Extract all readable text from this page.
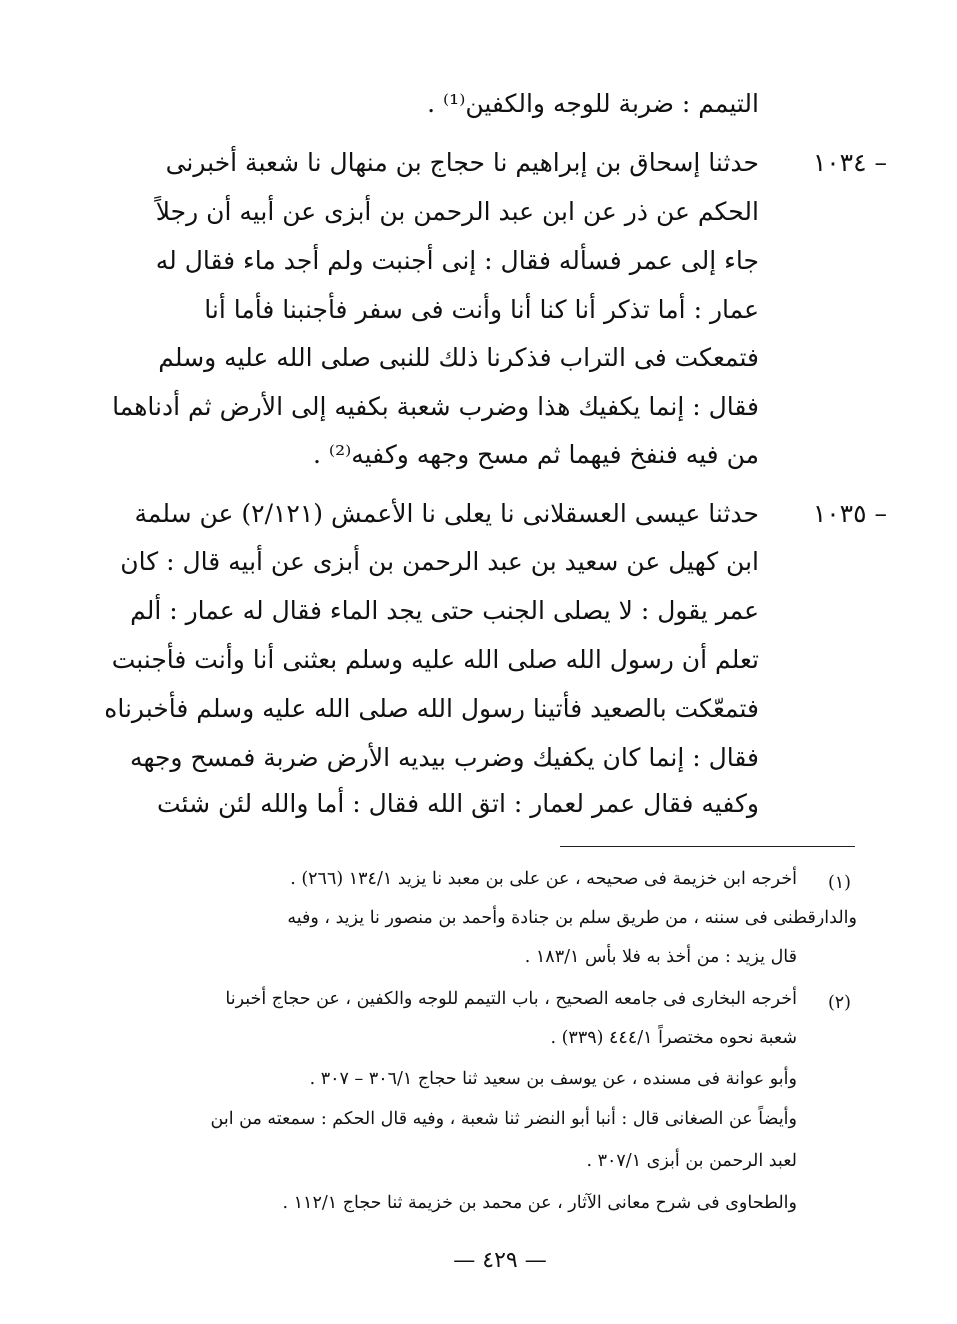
التيمم : ضربة للوجه والكفين⁽¹⁾ .
١٠٣٤ –
حدثنا إسحاق بن إبراهيم نا حجاج بن منهال نا شعبة أخبرنى
الحكم عن ذر عن ابن عبد الرحمن بن أبزى عن أبيه أن رجلاً
جاء إلى عمر فسأله فقال : إنى أجنبت ولم أجد ماء فقال له
عمار : أما تذكر أنا كنا أنا وأنت فى سفر فأجنبنا فأما أنا
فتمعكت فى التراب فذكرنا ذلك للنبى صلى الله عليه وسلم
فقال : إنما يكفيك هذا وضرب شعبة بكفيه إلى الأرض ثم أدناهما
من فيه فنفخ فيهما ثم مسح وجهه وكفيه⁽²⁾ .
١٠٣٥ –
حدثنا عيسى العسقلانى نا يعلى نا الأعمش (٢/١٢١) عن سلمة
ابن كهيل عن سعيد بن عبد الرحمن بن أبزى عن أبيه قال : كان
عمر يقول : لا يصلى الجنب حتى يجد الماء فقال له عمار : ألم
تعلم أن رسول الله صلى الله عليه وسلم بعثنى أنا وأنت فأجنبت
فتمعّكت بالصعيد فأتينا رسول الله صلى الله عليه وسلم فأخبرناه
فقال : إنما كان يكفيك وضرب بيديه الأرض ضربة فمسح وجهه
وكفيه فقال عمر لعمار : اتق الله فقال : أما والله لئن شئت
(١)
أخرجه ابن خزيمة فى صحيحه ، عن على بن معبد نا يزيد ١٣٤/١ (٢٦٦) .
والدارقطنى فى سننه ، من طريق سلم بن جنادة وأحمد بن منصور نا يزيد ، وفيه
قال يزيد : من أخذ به فلا بأس ١٨٣/١ .
(٢)
أخرجه البخارى فى جامعه الصحيح ، باب التيمم للوجه والكفين ، عن حجاج أخبرنا
شعبة نحوه مختصراً ٤٤٤/١ (٣٣٩) .
وأبو عوانة فى مسنده ، عن يوسف بن سعيد ثنا حجاج ٣٠٦/١ – ٣٠٧ .
وأيضاً عن الصغانى قال : أنبا أبو النضر ثنا شعبة ، وفيه قال الحكم : سمعته من ابن
لعبد الرحمن بن أبزى ٣٠٧/١ .
والطحاوى فى شرح معانى الآثار ، عن محمد بن خزيمة ثنا حجاج ١١٢/١ .
— ٤٢٩ —
